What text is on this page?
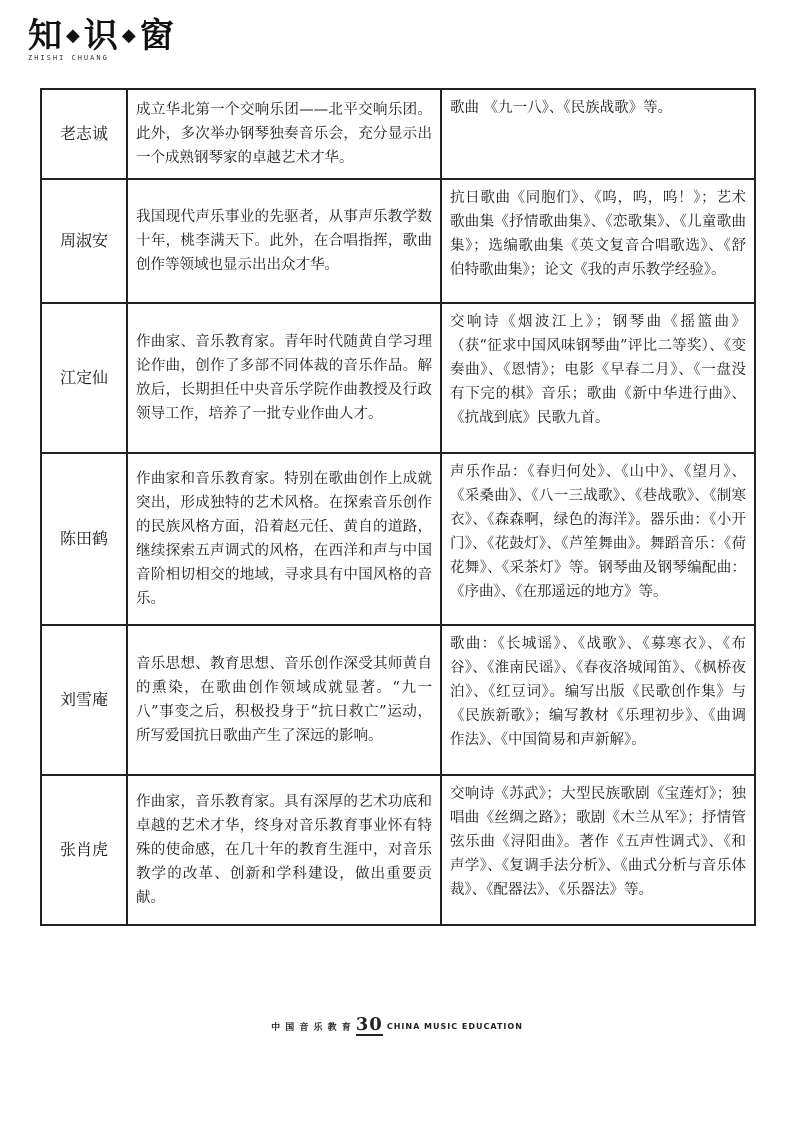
知 ◆ 识 ◆ 窗
ZHISHI CHUANG
老志诚	成立华北第一个交响乐团——北平交响乐团。此外，多次举办钢琴独奏音乐会，充分显示出一个成熟钢琴家的卓越艺术才华。	歌曲 《九一八》、《民族战歌》等。
周淑安	我国现代声乐事业的先驱者，从事声乐教学数十年，桃李满天下。此外，在合唱指挥，歌曲创作等领域也显示出出众才华。	抗日歌曲《同胞们》、《呜，呜，呜！》；艺术歌曲集《抒情歌曲集》、《恋歌集》、《儿童歌曲集》；选编歌曲集《英文复音合唱歌选》、《舒伯特歌曲集》；论文《我的声乐教学经验》。
江定仙	作曲家、音乐教育家。青年时代随黄自学习理论作曲，创作了多部不同体裁的音乐作品。解放后，长期担任中央音乐学院作曲教授及行政领导工作，培养了一批专业作曲人才。	交响诗《烟波江上》；钢琴曲《摇篮曲》（获“征求中国风味钢琴曲”评比二等奖）、《变奏曲》、《恩情》；电影《早春二月》、《一盘没有下完的棋》音乐；歌曲《新中华进行曲》、《抗战到底》民歌九首。
陈田鹤	作曲家和音乐教育家。特别在歌曲创作上成就突出，形成独特的艺术风格。在探索音乐创作的民族风格方面，沿着赵元任、黄自的道路，继续探索五声调式的风格，在西洋和声与中国音阶相切相交的地域，寻求具有中国风格的音乐。	声乐作品：《春归何处》、《山中》、《望月》、《采桑曲》、《八一三战歌》、《巷战歌》、《制寒衣》、《森森啊，绿色的海洋》。器乐曲：《小开门》、《花鼓灯》、《芦笙舞曲》。舞蹈音乐：《荷花舞》、《采茶灯》等。钢琴曲及钢琴编配曲：《序曲》、《在那遥远的地方》等。
刘雪庵	音乐思想、教育思想、音乐创作深受其师黄自的熏染，在歌曲创作领域成就显著。“九一八”事变之后，积极投身于“抗日救亡”运动，所写爱国抗日歌曲产生了深远的影响。	歌曲：《长城谣》、《战歌》、《募寒衣》、《布谷》、《淮南民谣》、《春夜洛城闻笛》、《枫桥夜泊》、《红豆词》。编写出版《民歌创作集》与《民族新歌》；编写教材《乐理初步》、《曲调作法》、《中国简易和声新解》。
张肖虎	作曲家，音乐教育家。具有深厚的艺术功底和卓越的艺术才华，终身对音乐教育事业怀有特殊的使命感，在几十年的教育生涯中，对音乐教学的改革、创新和学科建设，做出重要贡献。	交响诗《苏武》；大型民族歌剧《宝莲灯》；独唱曲《丝绸之路》；歌剧《木兰从军》；抒情管弦乐曲《浔阳曲》。著作《五声性调式》、《和声学》、《复调手法分析》、《曲式分析与音乐体裁》、《配器法》、《乐器法》等。
中 国 音 乐 教 育 30 CHINA MUSIC EDUCATION
